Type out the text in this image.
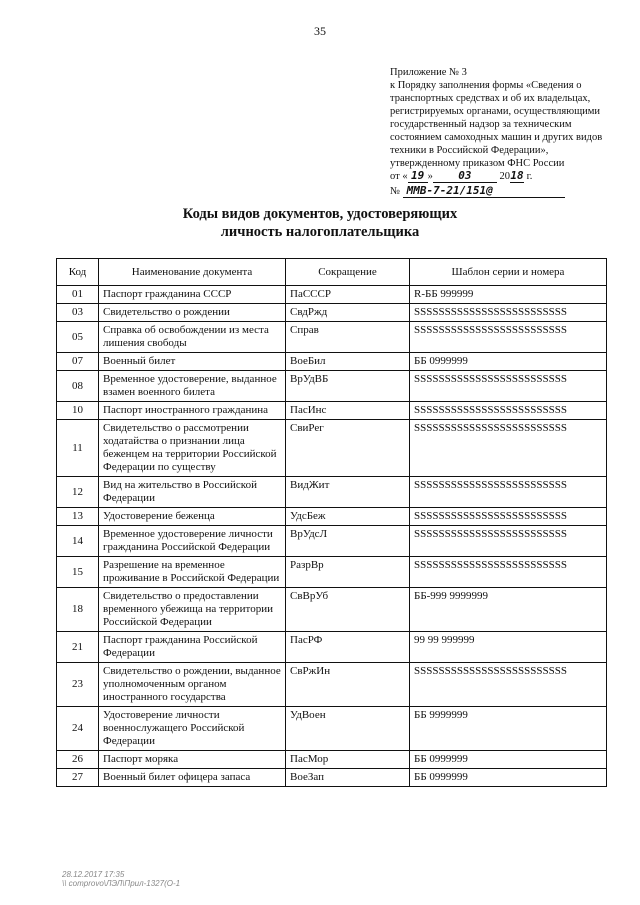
35
Приложение № 3
к Порядку заполнения формы «Сведения о
транспортных средствах и об их владельцах,
регистрируемых органами, осуществляющими
государственный надзор за техническим
состоянием самоходных машин и других видов
техники в Российской Федерации»,
утвержденному приказом ФНС России
от « 19 » 03	2018 г.
№ ММВ-7-21/151@
Коды видов документов, удостоверяющих
личность налогоплательщика
Код	Наименование документа	Сокращение	Шаблон серии и номера
01	Паспорт гражданина СССР	ПаСССР	R-ББ 999999
03	Свидетельство о рождении	СвдРжд	SSSSSSSSSSSSSSSSSSSSSSSSS
05	Справка об освобождении из места лишения свободы	Справ	SSSSSSSSSSSSSSSSSSSSSSSSS
07	Военный билет	ВоеБил	ББ 0999999
08	Временное удостоверение, выданное взамен военного билета	ВрУдВБ	SSSSSSSSSSSSSSSSSSSSSSSSS
10	Паспорт иностранного гражданина	ПасИнс	SSSSSSSSSSSSSSSSSSSSSSSSS
11	Свидетельство о рассмотрении ходатайства о признании лица беженцем на территории Российской Федерации по существу	СвиРег	SSSSSSSSSSSSSSSSSSSSSSSSS
12	Вид на жительство в Российской Федерации	ВидЖит	SSSSSSSSSSSSSSSSSSSSSSSSS
13	Удостоверение беженца	УдсБеж	SSSSSSSSSSSSSSSSSSSSSSSSS
14	Временное удостоверение личности гражданина Российской Федерации	ВрУдсЛ	SSSSSSSSSSSSSSSSSSSSSSSSS
15	Разрешение на временное проживание в Российской Федерации	РазрВр	SSSSSSSSSSSSSSSSSSSSSSSSS
18	Свидетельство о предоставлении временного убежища на территории Российской Федерации	СвВрУб	ББ-999 9999999
21	Паспорт гражданина Российской Федерации	ПасРФ	99 99 999999
23	Свидетельство о рождении, выданное уполномоченным органом иностранного государства	СвРжИн	SSSSSSSSSSSSSSSSSSSSSSSSS
24	Удостоверение личности военнослужащего Российской Федерации	УдВоен	ББ 9999999
26	Паспорт моряка	ПасМор	ББ 0999999
27	Военный билет офицера запаса	ВоеЗап	ББ 0999999
28.12.2017 17:35
\\ comprovo\ЛЭЛ\Прил-1327(О-1
